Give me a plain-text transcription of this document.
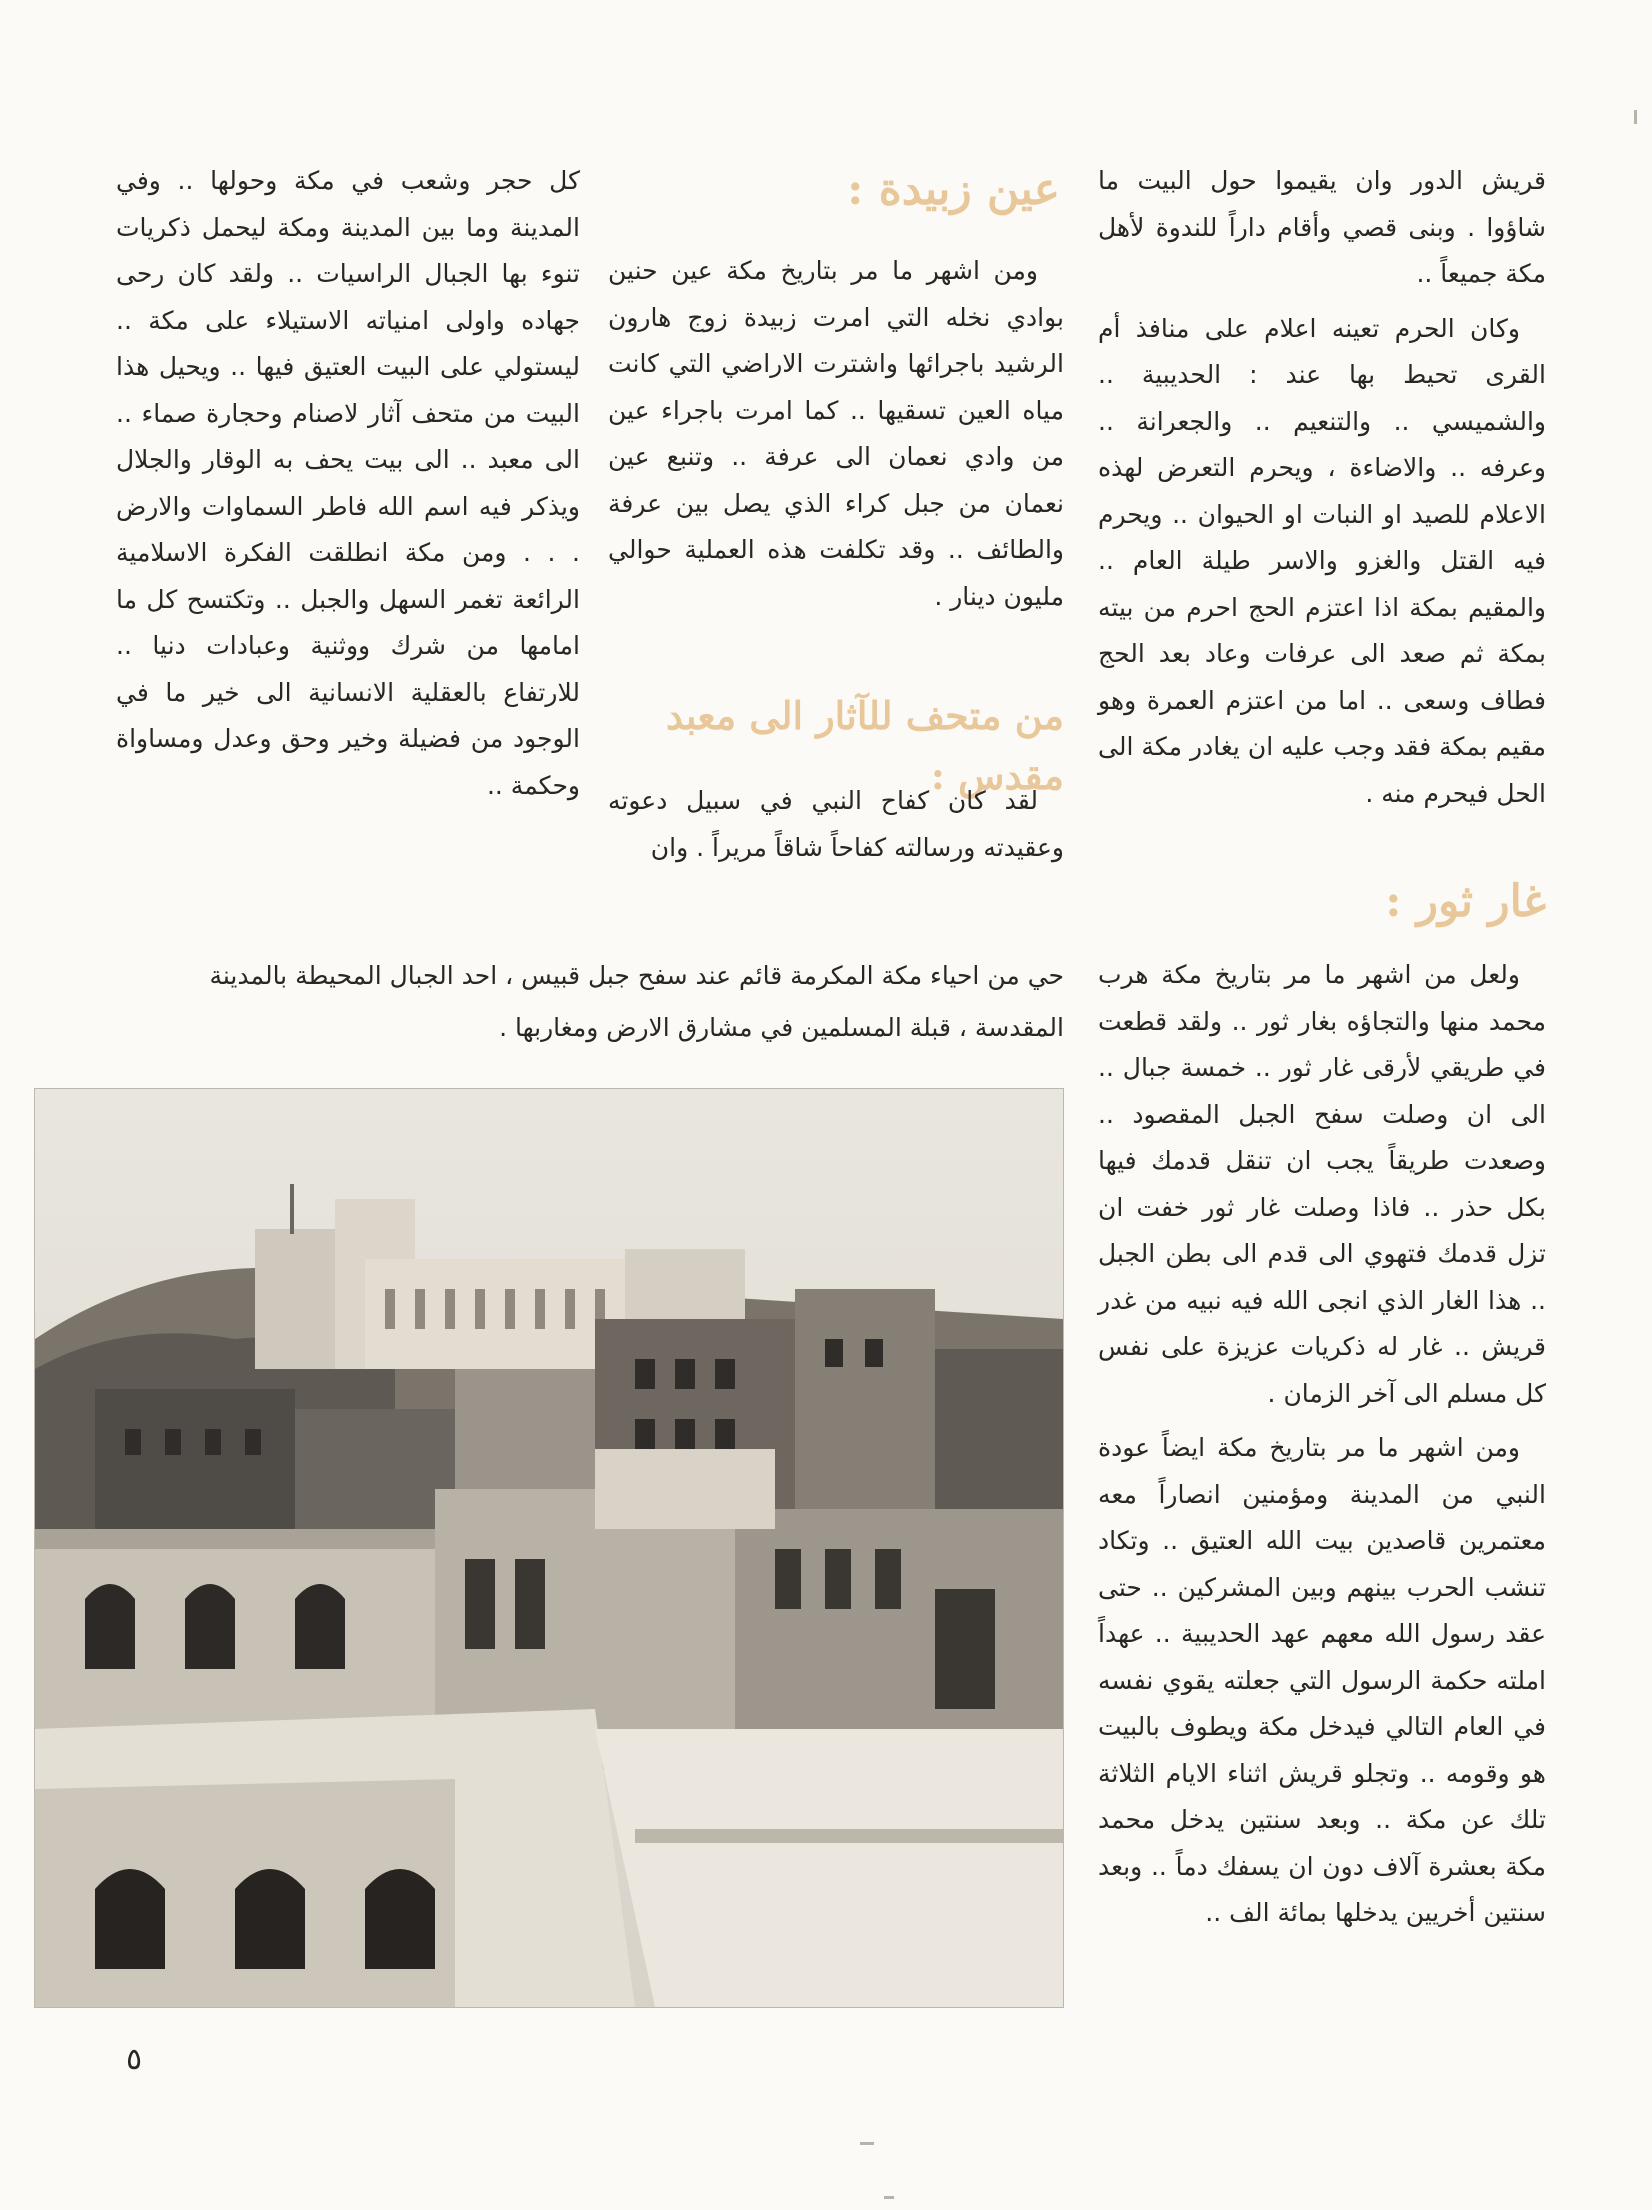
قريش الدور وان يقيموا حول البيت ما شاؤوا . وبنى قصي وأقام داراً للندوة لأهل مكة جميعاً ..

وكان الحرم تعينه اعلام على منافذ أم القرى تحيط بها عند : الحديبية .. والشميسي .. والتنعيم .. والجعرانة .. وعرفه .. والاضاءة ، ويحرم التعرض لهذه الاعلام للصيد او النبات او الحيوان .. ويحرم فيه القتل والغزو والاسر طيلة العام .. والمقيم بمكة اذا اعتزم الحج احرم من بيته بمكة ثم صعد الى عرفات وعاد بعد الحج فطاف وسعى .. اما من اعتزم العمرة وهو مقيم بمكة فقد وجب عليه ان يغادر مكة الى الحل فيحرم منه .

غار ثور :

ولعل من اشهر ما مر بتاريخ مكة هرب محمد منها والتجاؤه بغار ثور .. ولقد قطعت في طريقي لأرقى غار ثور .. خمسة جبال .. الى ان وصلت سفح الجبل المقصود .. وصعدت طريقاً يجب ان تنقل قدمك فيها بكل حذر .. فاذا وصلت غار ثور خفت ان تزل قدمك فتهوي الى قدم الى بطن الجبل .. هذا الغار الذي انجى الله فيه نبيه من غدر قريش .. غار له ذكريات عزيزة على نفس كل مسلم الى آخر الزمان .

ومن اشهر ما مر بتاريخ مكة ايضاً عودة النبي من المدينة ومؤمنين انصاراً معه معتمرين قاصدين بيت الله العتيق .. وتكاد تنشب الحرب بينهم وبين المشركين .. حتى عقد رسول الله معهم عهد الحديبية .. عهداً املته حكمة الرسول التي جعلته يقوي نفسه في العام التالي فيدخل مكة ويطوف بالبيت هو وقومه .. وتجلو قريش اثناء الايام الثلاثة تلك عن مكة .. وبعد سنتين يدخل محمد مكة بعشرة آلاف دون ان يسفك دماً .. وبعد سنتين أخريين يدخلها بمائة الف ..

عين زبيدة :

ومن اشهر ما مر بتاريخ مكة عين حنين بوادي نخله التي امرت زبيدة زوج هارون الرشيد باجرائها واشترت الاراضي التي كانت مياه العين تسقيها .. كما امرت باجراء عين من وادي نعمان الى عرفة .. وتنبع عين نعمان من جبل كراء الذي يصل بين عرفة والطائف .. وقد تكلفت هذه العملية حوالي مليون دينار .

من متحف للآثار الى معبد مقدس :

لقد كان كفاح النبي في سبيل دعوته وعقيدته ورسالته كفاحاً شاقاً مريراً . وان

كل حجر وشعب في مكة وحولها .. وفي المدينة وما بين المدينة ومكة ليحمل ذكريات تنوء بها الجبال الراسيات .. ولقد كان رحى جهاده واولى امنياته الاستيلاء على مكة .. ليستولي على البيت العتيق فيها .. ويحيل هذا البيت من متحف آثار لاصنام وحجارة صماء .. الى معبد .. الى بيت يحف به الوقار والجلال ويذكر فيه اسم الله فاطر السماوات والارض . . . ومن مكة انطلقت الفكرة الاسلامية الرائعة تغمر السهل والجبل .. وتكتسح كل ما امامها من شرك ووثنية وعبادات دنيا .. للارتفاع بالعقلية الانسانية الى خير ما في الوجود من فضيلة وخير وحق وعدل ومساواة وحكمة ..

حي من احياء مكة المكرمة قائم عند سفح جبل قبيس ، احد الجبال المحيطة بالمدينة
المقدسة ، قبلة المسلمين في مشارق الارض ومغاربها .
٥
